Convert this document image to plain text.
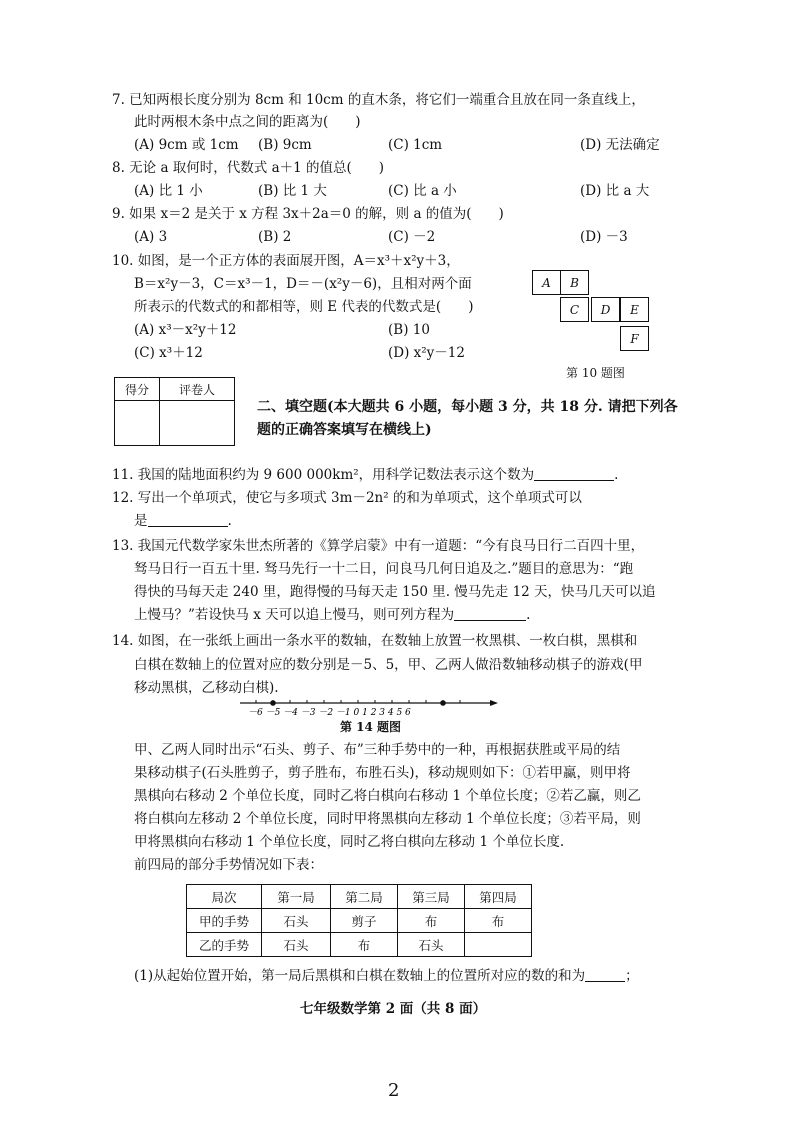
7. 已知两根长度分别为 8cm 和 10cm 的直木条，将它们一端重合且放在同一条直线上，
此时两根木条中点之间的距离为(　　)
(A) 9cm 或 1cm (B) 9cm	(C) 1cm	(D) 无法确定
8. 无论 a 取何时，代数式 a＋1 的值总(　　)
(A) 比 1 小	(B) 比 1 大	(C) 比 a 小	(D) 比 a 大
9. 如果 x＝2 是关于 x 方程 3x＋2a＝0 的解，则 a 的值为(　　)
(A) 3	(B) 2	(C) －2	(D) －3
10. 如图，是一个正方体的表面展开图，A＝x³＋x²y＋3，
B＝x²y－3，C＝x³－1，D＝－(x²y－6)，且相对两个面
所表示的代数式的和都相等，则 E 代表的代数式是(　　)
(A) x³－x²y＋12	(B) 10
(C) x³＋12	(D) x²y－12
A	B
C	D	E
F
第 10 题图
得分	评卷人

二、填空题(本大题共 6 小题，每小题 3 分，共 18 分. 请把下列各
题的正确答案填写在横线上)
11. 我国的陆地面积约为 9 600 000km²，用科学记数法表示这个数为	.
12. 写出一个单项式，使它与多项式 3m－2n² 的和为单项式，这个单项式可以
是	.
13. 我国元代数学家朱世杰所著的《算学启蒙》中有一道题：“今有良马日行二百四十里，
驽马日行一百五十里. 驽马先行一十二日，问良马几何日追及之.”题目的意思为：“跑
得快的马每天走 240 里，跑得慢的马每天走 150 里. 慢马先走 12 天，快马几天可以追
上慢马？”若设快马 x 天可以追上慢马，则可列方程为	.
14. 如图，在一张纸上画出一条水平的数轴，在数轴上放置一枚黑棋、一枚白棋，黑棋和
白棋在数轴上的位置对应的数分别是－5、5，甲、乙两人做沿数轴移动棋子的游戏(甲
移动黑棋，乙移动白棋).
－6 －5 －4 －3 －2 －1 0 1 2 3 4 5 6
第 14 题图
甲、乙两人同时出示“石头、剪子、布”三种手势中的一种，再根据获胜或平局的结
果移动棋子(石头胜剪子，剪子胜布，布胜石头)，移动规则如下：①若甲赢，则甲将
黑棋向右移动 2 个单位长度，同时乙将白棋向右移动 1 个单位长度；②若乙赢，则乙
将白棋向左移动 2 个单位长度，同时甲将黑棋向左移动 1 个单位长度；③若平局，则
甲将黑棋向右移动 1 个单位长度，同时乙将白棋向左移动 1 个单位长度.
前四局的部分手势情况如下表：
局次	第一局	第二局	第三局	第四局
甲的手势	石头	剪子	布	布
乙的手势	石头	布	石头	
(1)从起始位置开始，第一局后黑棋和白棋在数轴上的位置所对应的数的和为	；
七年级数学第 2 面（共 8 面）
2
